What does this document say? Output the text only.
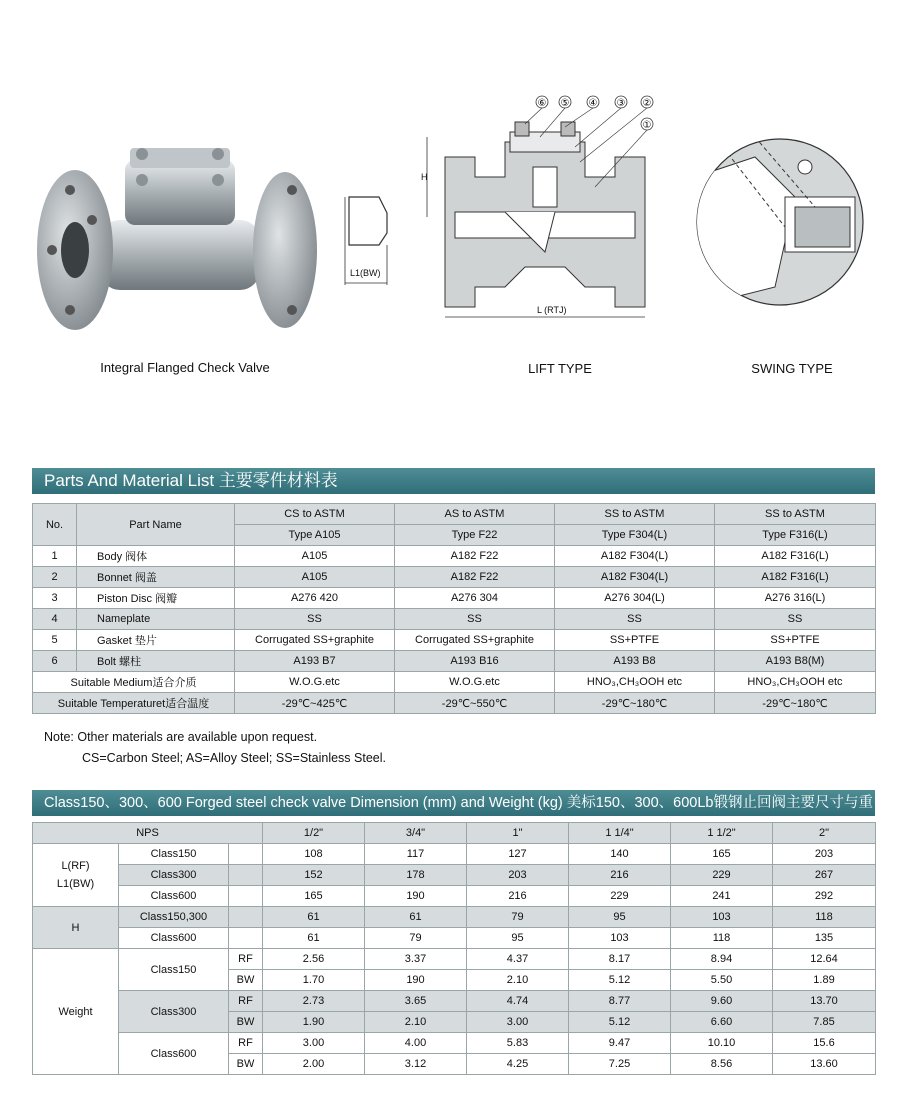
Integral Flanged Check Valve
L1(BW)
⑥ ⑤ ④ ③ ②
①
H
L (RTJ)
LIFT TYPE	SWING TYPE
Parts And Material List 主要零件材料表
No.	Part Name	CS to ASTM	AS to ASTM	SS to ASTM	SS to ASTM
		Type A105	Type F22	Type F304(L)	Type F316(L)
1	Body 阀体	A105	A182 F22	A182 F304(L)	A182 F316(L)
2	Bonnet 阀盖	A105	A182 F22	A182 F304(L)	A182 F316(L)
3	Piston Disc 阀瓣	A276 420	A276 304	A276 304(L)	A276 316(L)
4	Nameplate	SS	SS	SS	SS
5	Gasket 垫片	Corrugated SS+graphite	Corrugated SS+graphite	SS+PTFE	SS+PTFE
6	Bolt 螺柱	A193 B7	A193 B16	A193 B8	A193 B8(M)
Suitable Medium适合介质		W.O.G.etc	W.O.G.etc	HNO₃,CH₃OOH etc	HNO₃,CH₃OOH etc
Suitable Temperaturet适合温度		-29℃~425℃	-29℃~550℃	-29℃~180℃	-29℃~180℃
Note: Other materials are available upon request.
CS=Carbon Steel; AS=Alloy Steel; SS=Stainless Steel.
Class150、300、600 Forged steel check valve Dimension (mm) and Weight (kg) 美标150、300、600Lb锻钢止回阀主要尺寸与重量	NPS			1/2"	3/4"	1"	1 1/4"	1 1/2"	2"
L(RF)
L1(BW)	Class150		108	117	127	140	165	203
	Class300		152	178	203	216	229	267
	Class600		165	190	216	229	241	292
H	Class150,300		61	61	79	95	103	118
	Class600		61	79	95	103	118	135
Weight	Class150	RF	2.56	3.37	4.37	8.17	8.94	12.64
		BW	1.70	190	2.10	5.12	5.50	1.89
	Class300	RF	2.73	3.65	4.74	8.77	9.60	13.70
		BW	1.90	2.10	3.00	5.12	6.60	7.85
	Class600	RF	3.00	4.00	5.83	9.47	10.10	15.6
		BW	2.00	3.12	4.25	7.25	8.56	13.60
